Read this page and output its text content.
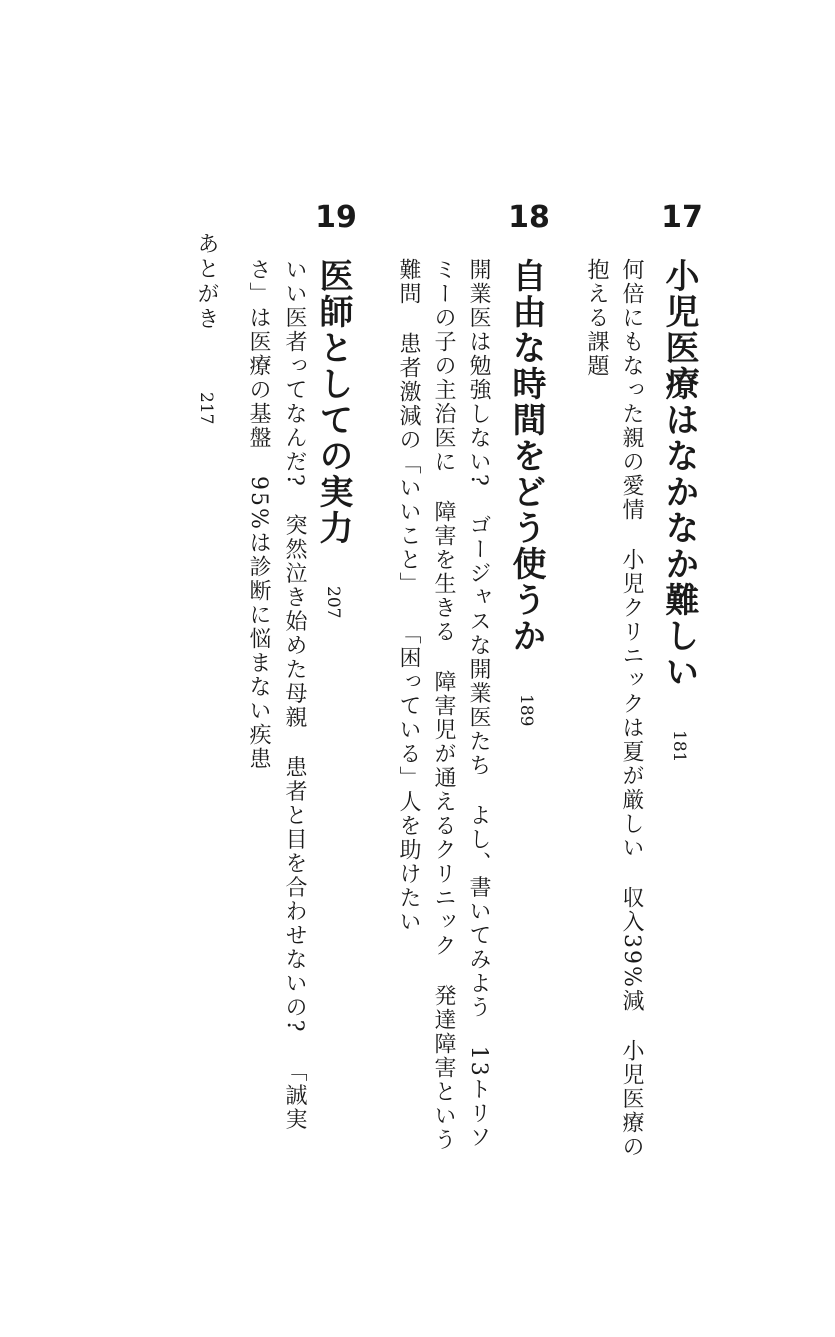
17
小児医療はなかなか難しい181
何倍にもなった親の愛情小児クリニックは夏が厳しい収入39%減小児医療の
抱える課題
18
自由な時間をどう使うか189
開業医は勉強しない?ゴージャスな開業医たちよし、書いてみよう13トリソ
ミーの子の主治医に障害を生きる障害児が通えるクリニック発達障害という
難問患者激減の「いいこと」「困っている」人を助けたい
19
医師としての実力207
いい医者ってなんだ?突然泣き始めた母親患者と目を合わせないの?「誠実
さ」は医療の基盤95%は診断に悩まない疾患
あとがき217
